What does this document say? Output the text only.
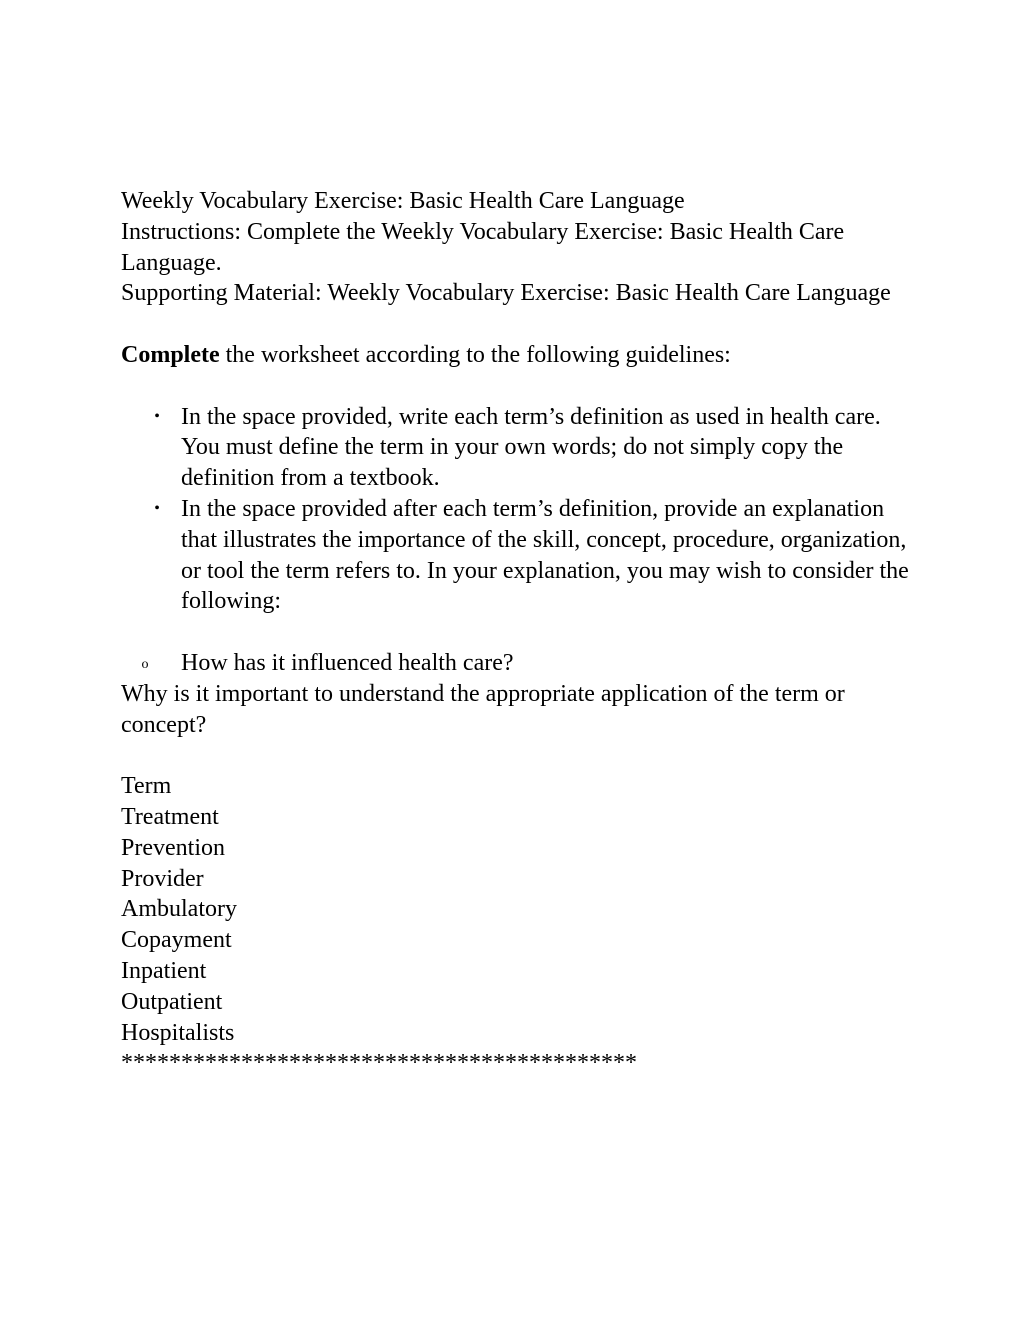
Weekly Vocabulary Exercise: Basic Health Care Language

Instructions: Complete the Weekly Vocabulary Exercise: Basic Health Care Language.

Supporting Material: Weekly Vocabulary Exercise: Basic Health Care Language

Complete the worksheet according to the following guidelines:

• In the space provided, write each term’s definition as used in health care. You must define the term in your own words; do not simply copy the definition from a textbook.
• In the space provided after each term’s definition, provide an explanation that illustrates the importance of the skill, concept, procedure, organization, or tool the term refers to. In your explanation, you may wish to consider the following:
o How has it influenced health care?

Why is it important to understand the appropriate application of the term or concept?

Term

Treatment

Prevention

Provider

Ambulatory

Copayment

Inpatient

Outpatient

Hospitalists

*******************************************
